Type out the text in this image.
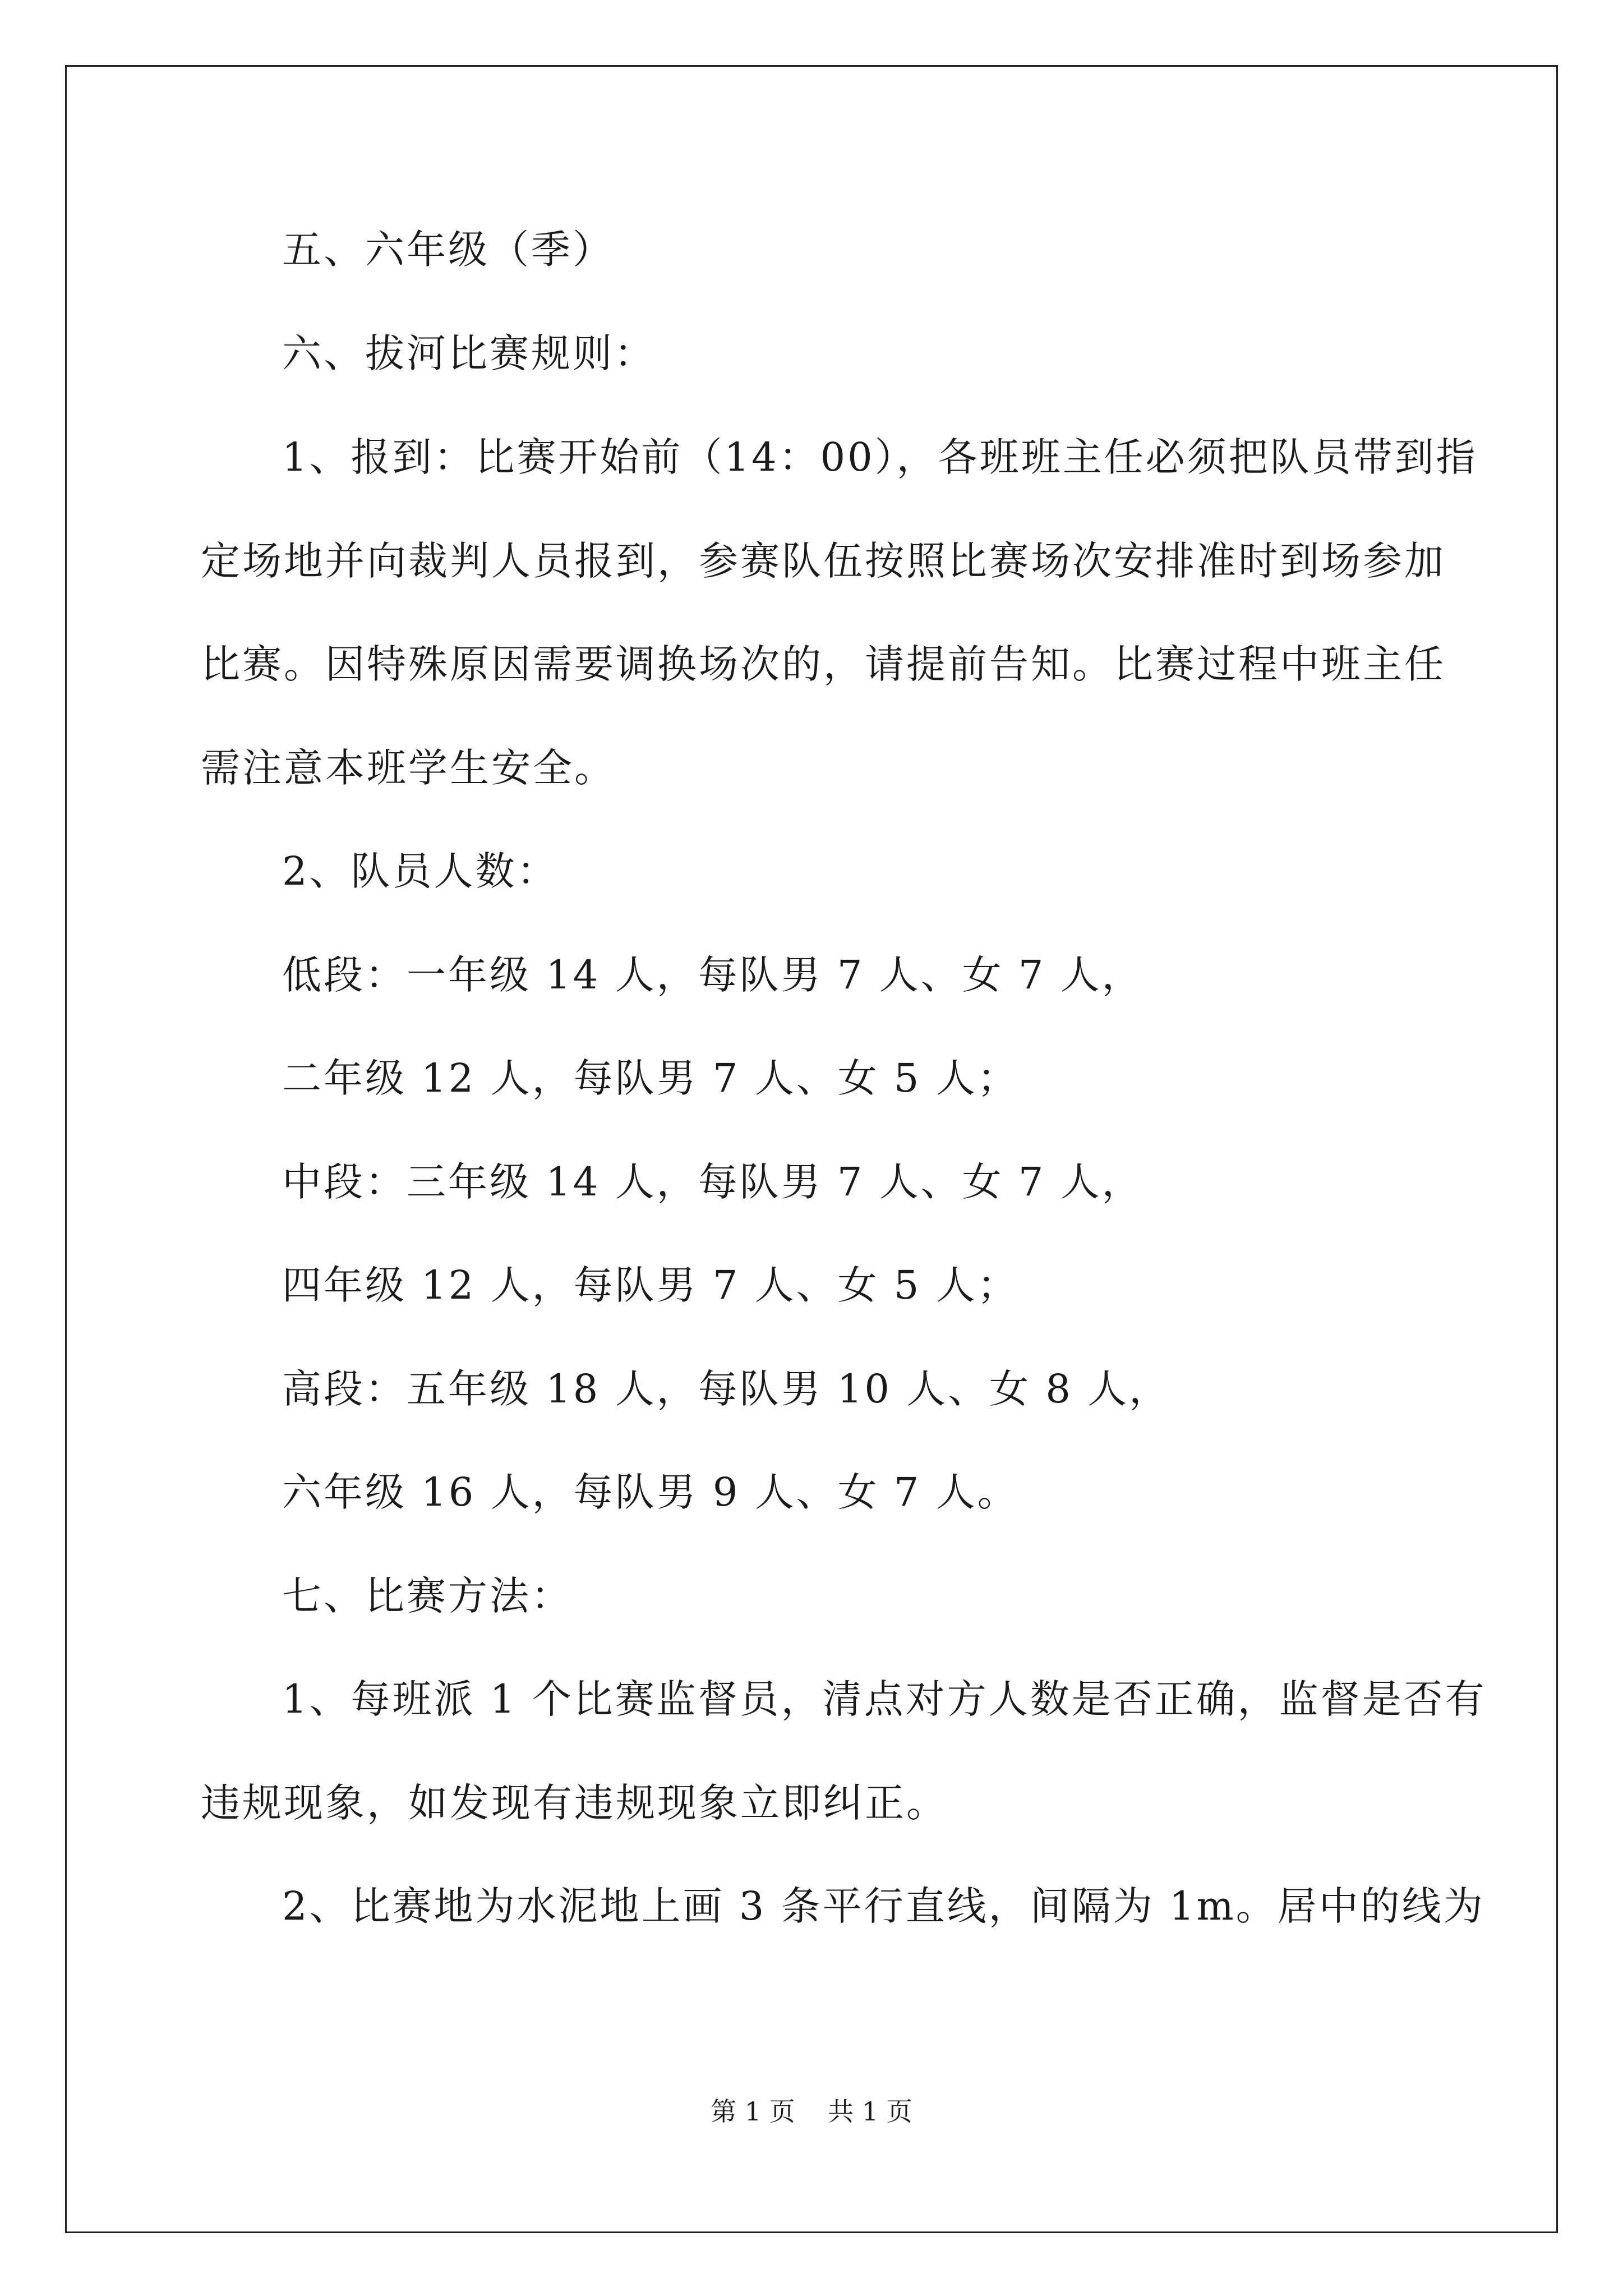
五、六年级（季）
六、拔河比赛规则：
1、报到：比赛开始前（14：00），各班班主任必须把队员带到指
定场地并向裁判人员报到，参赛队伍按照比赛场次安排准时到场参加
比赛。因特殊原因需要调换场次的，请提前告知。比赛过程中班主任
需注意本班学生安全。
2、队员人数：
低段：一年级 14 人，每队男 7 人、女 7 人，
二年级 12 人，每队男 7 人、女 5 人；
中段：三年级 14 人，每队男 7 人、女 7 人，
四年级 12 人，每队男 7 人、女 5 人；
高段：五年级 18 人，每队男 10 人、女 8 人，
六年级 16 人，每队男 9 人、女 7 人。
七、比赛方法：
1、每班派 1 个比赛监督员，清点对方人数是否正确，监督是否有
违规现象，如发现有违规现象立即纠正。
2、比赛地为水泥地上画 3 条平行直线，间隔为 1m。居中的线为
第 1 页    共 1 页
